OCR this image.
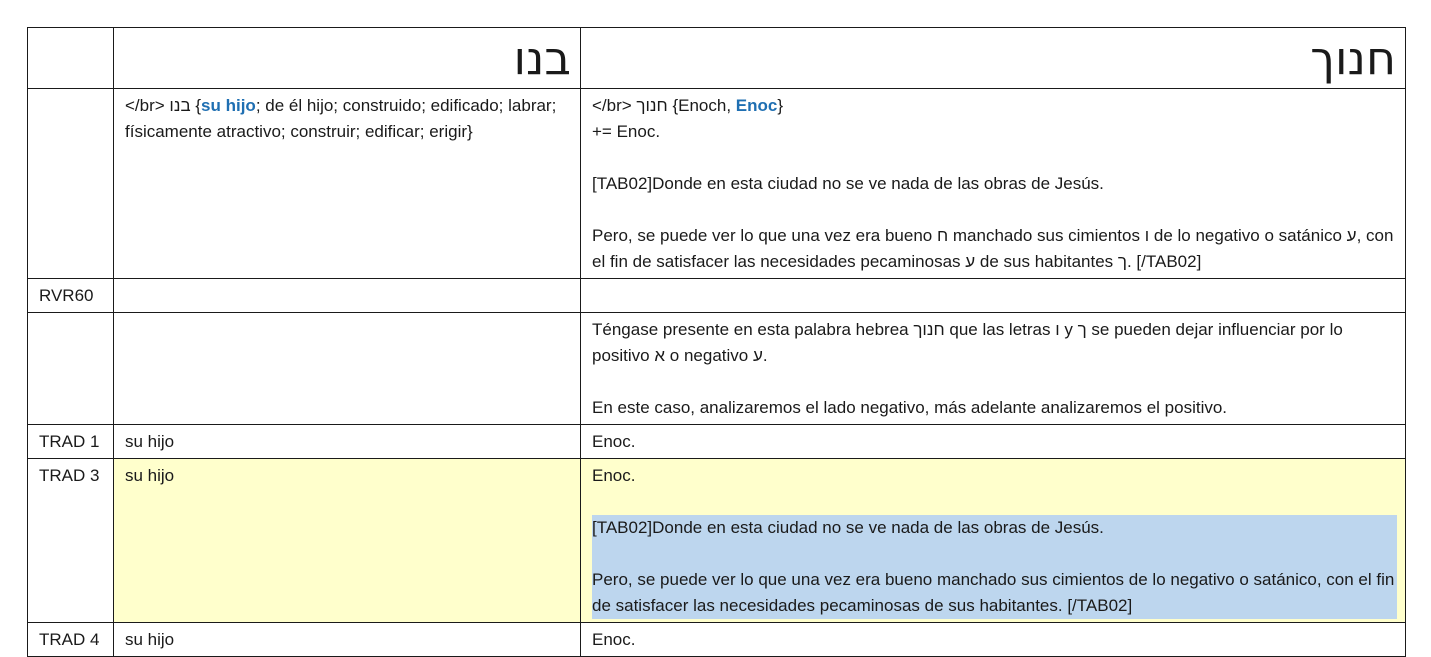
	בנו	חנוך

	</br> בנו {su hijo; de él hijo; construido; edificado; labrar; físicamente atractivo; construir; edificar; erigir}	</br> חנוך {Enoch, Enoc}
+= Enoc.
[TAB02]Donde en esta ciudad no se ve nada de las obras de Jesús.
Pero, se puede ver lo que una vez era bueno ח manchado sus cimientos ו de lo negativo o satánico ע, con el fin de satisfacer las necesidades pecaminosas ע de sus habitantes ך. [/TAB02]

RVR60		

		Téngase presente en esta palabra hebrea חנוך que las letras ו y ך se pueden dejar influenciar por lo positivo א o negativo ע.
En este caso, analizaremos el lado negativo, más adelante analizaremos el positivo.

TRAD 1	su hijo	Enoc.
TRAD 3	su hijo	Enoc.
[TAB02]Donde en esta ciudad no se ve nada de las obras de Jesús.
Pero, se puede ver lo que una vez era bueno manchado sus cimientos de lo negativo o satánico, con el fin de satisfacer las necesidades pecaminosas de sus habitantes. [/TAB02]

TRAD 4	su hijo	Enoc.
